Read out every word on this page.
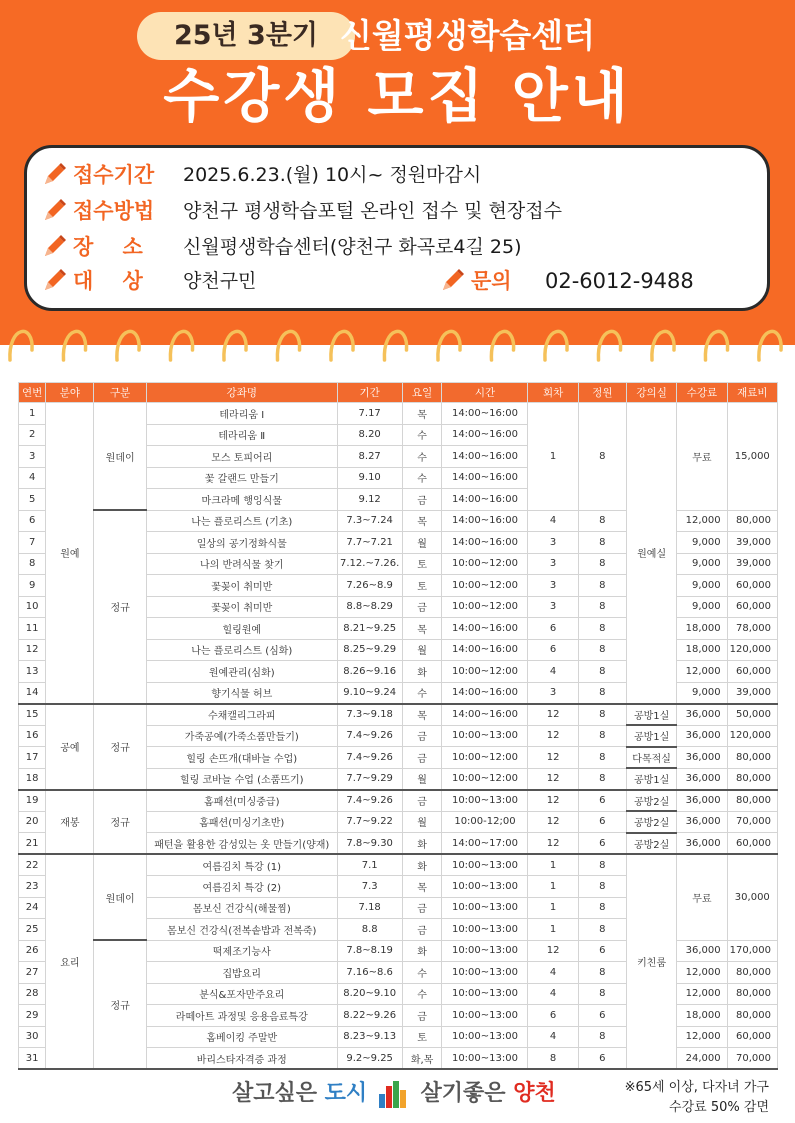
25년 3분기 신월평생학습센터
수강생 모집 안내
접수기간 2025.6.23.(월) 10시~ 정원마감시
접수방법 양천구 평생학습포털 온라인 접수 및 현장접수
장    소 신월평생학습센터(양천구 화곡로4길 25)
대    상 양천구민	문의 02-6012-9488
연번	분야	구분	강좌명	기간	요일	시간	회차	정원	강의실	수강료	재료비
1	원예	원데이	테라리움 Ⅰ	7.17	목	14:00~16:00	1	8	원예실	무료	15,000
2			테라리움 Ⅱ	8.20	수	14:00~16:00					
3			모스 토피어리	8.27	수	14:00~16:00					
4			꽃 갈랜드 만들기	9.10	수	14:00~16:00					
5			마크라메 행잉식물	9.12	금	14:00~16:00					
6		정규	나는 플로리스트 (기초)	7.3~7.24	목	14:00~16:00	4	8		12,000	80,000
7			일상의 공기정화식물	7.7~7.21	월	14:00~16:00	3	8		9,000	39,000
8			나의 반려식물 찾기	7.12.~7.26.	토	10:00~12:00	3	8		9,000	39,000
9			꽃꽂이 취미반	7.26~8.9	토	10:00~12:00	3	8		9,000	60,000
10			꽃꽂이 취미반	8.8~8.29	금	10:00~12:00	3	8		9,000	60,000
11			힐링원예	8.21~9.25	목	14:00~16:00	6	8		18,000	78,000
12			나는 플로리스트 (심화)	8.25~9.29	월	14:00~16:00	6	8		18,000	120,000
13			원예관리(심화)	8.26~9.16	화	10:00~12:00	4	8		12,000	60,000
14			향기식물 허브	9.10~9.24	수	14:00~16:00	3	8		9,000	39,000
15	공예	정규	수채캘리그라피	7.3~9.18	목	14:00~16:00	12	8	공방1실	36,000	50,000
16			가죽공예(가죽소품만들기)	7.4~9.26	금	10:00~13:00	12	8	공방1실	36,000	120,000
17			힐링 손뜨개(대바늘 수업)	7.4~9.26	금	10:00~12:00	12	8	다목적실	36,000	80,000
18			힐링 코바늘 수업 (소품뜨기)	7.7~9.29	월	10:00~12:00	12	8	공방1실	36,000	80,000
19	재봉	정규	홈패션(미싱중급)	7.4~9.26	금	10:00~13:00	12	6	공방2실	36,000	80,000
20			홈패션(미싱기초반)	7.7~9.22	월	10:00-12;00	12	6	공방2실	36,000	70,000
21			패턴을 활용한 감성있는 옷 만들기(양재)	7.8~9.30	화	14:00~17:00	12	6	공방2실	36,000	60,000
22	요리	원데이	여름김치 특강 (1)	7.1	화	10:00~13:00	1	8	키친룸	무료	30,000
23			여름김치 특강 (2)	7.3	목	10:00~13:00	1	8			
24			몸보신 건강식(해물찜)	7.18	금	10:00~13:00	1	8			
25			몸보신 건강식(전복솥밥과 전복죽)	8.8	금	10:00~13:00	1	8			
26		정규	떡제조기능사	7.8~8.19	화	10:00~13:00	12	6		36,000	170,000
27			집밥요리	7.16~8.6	수	10:00~13:00	4	8		12,000	80,000
28			분식&포자만주요리	8.20~9.10	수	10:00~13:00	4	8		12,000	80,000
29			라떼아트 과정및 응용음료특강	8.22~9.26	금	10:00~13:00	6	6		18,000	80,000
30			홈베이킹 주말반	8.23~9.13	토	10:00~13:00	4	8		12,000	60,000
31			바리스타자격증 과정	9.2~9.25	화,목	10:00~13:00	8	6		24,000	70,000
살고싶은 도시 살기좋은 양천	※65세 이상, 다자녀 가구
수강료 50% 감면
